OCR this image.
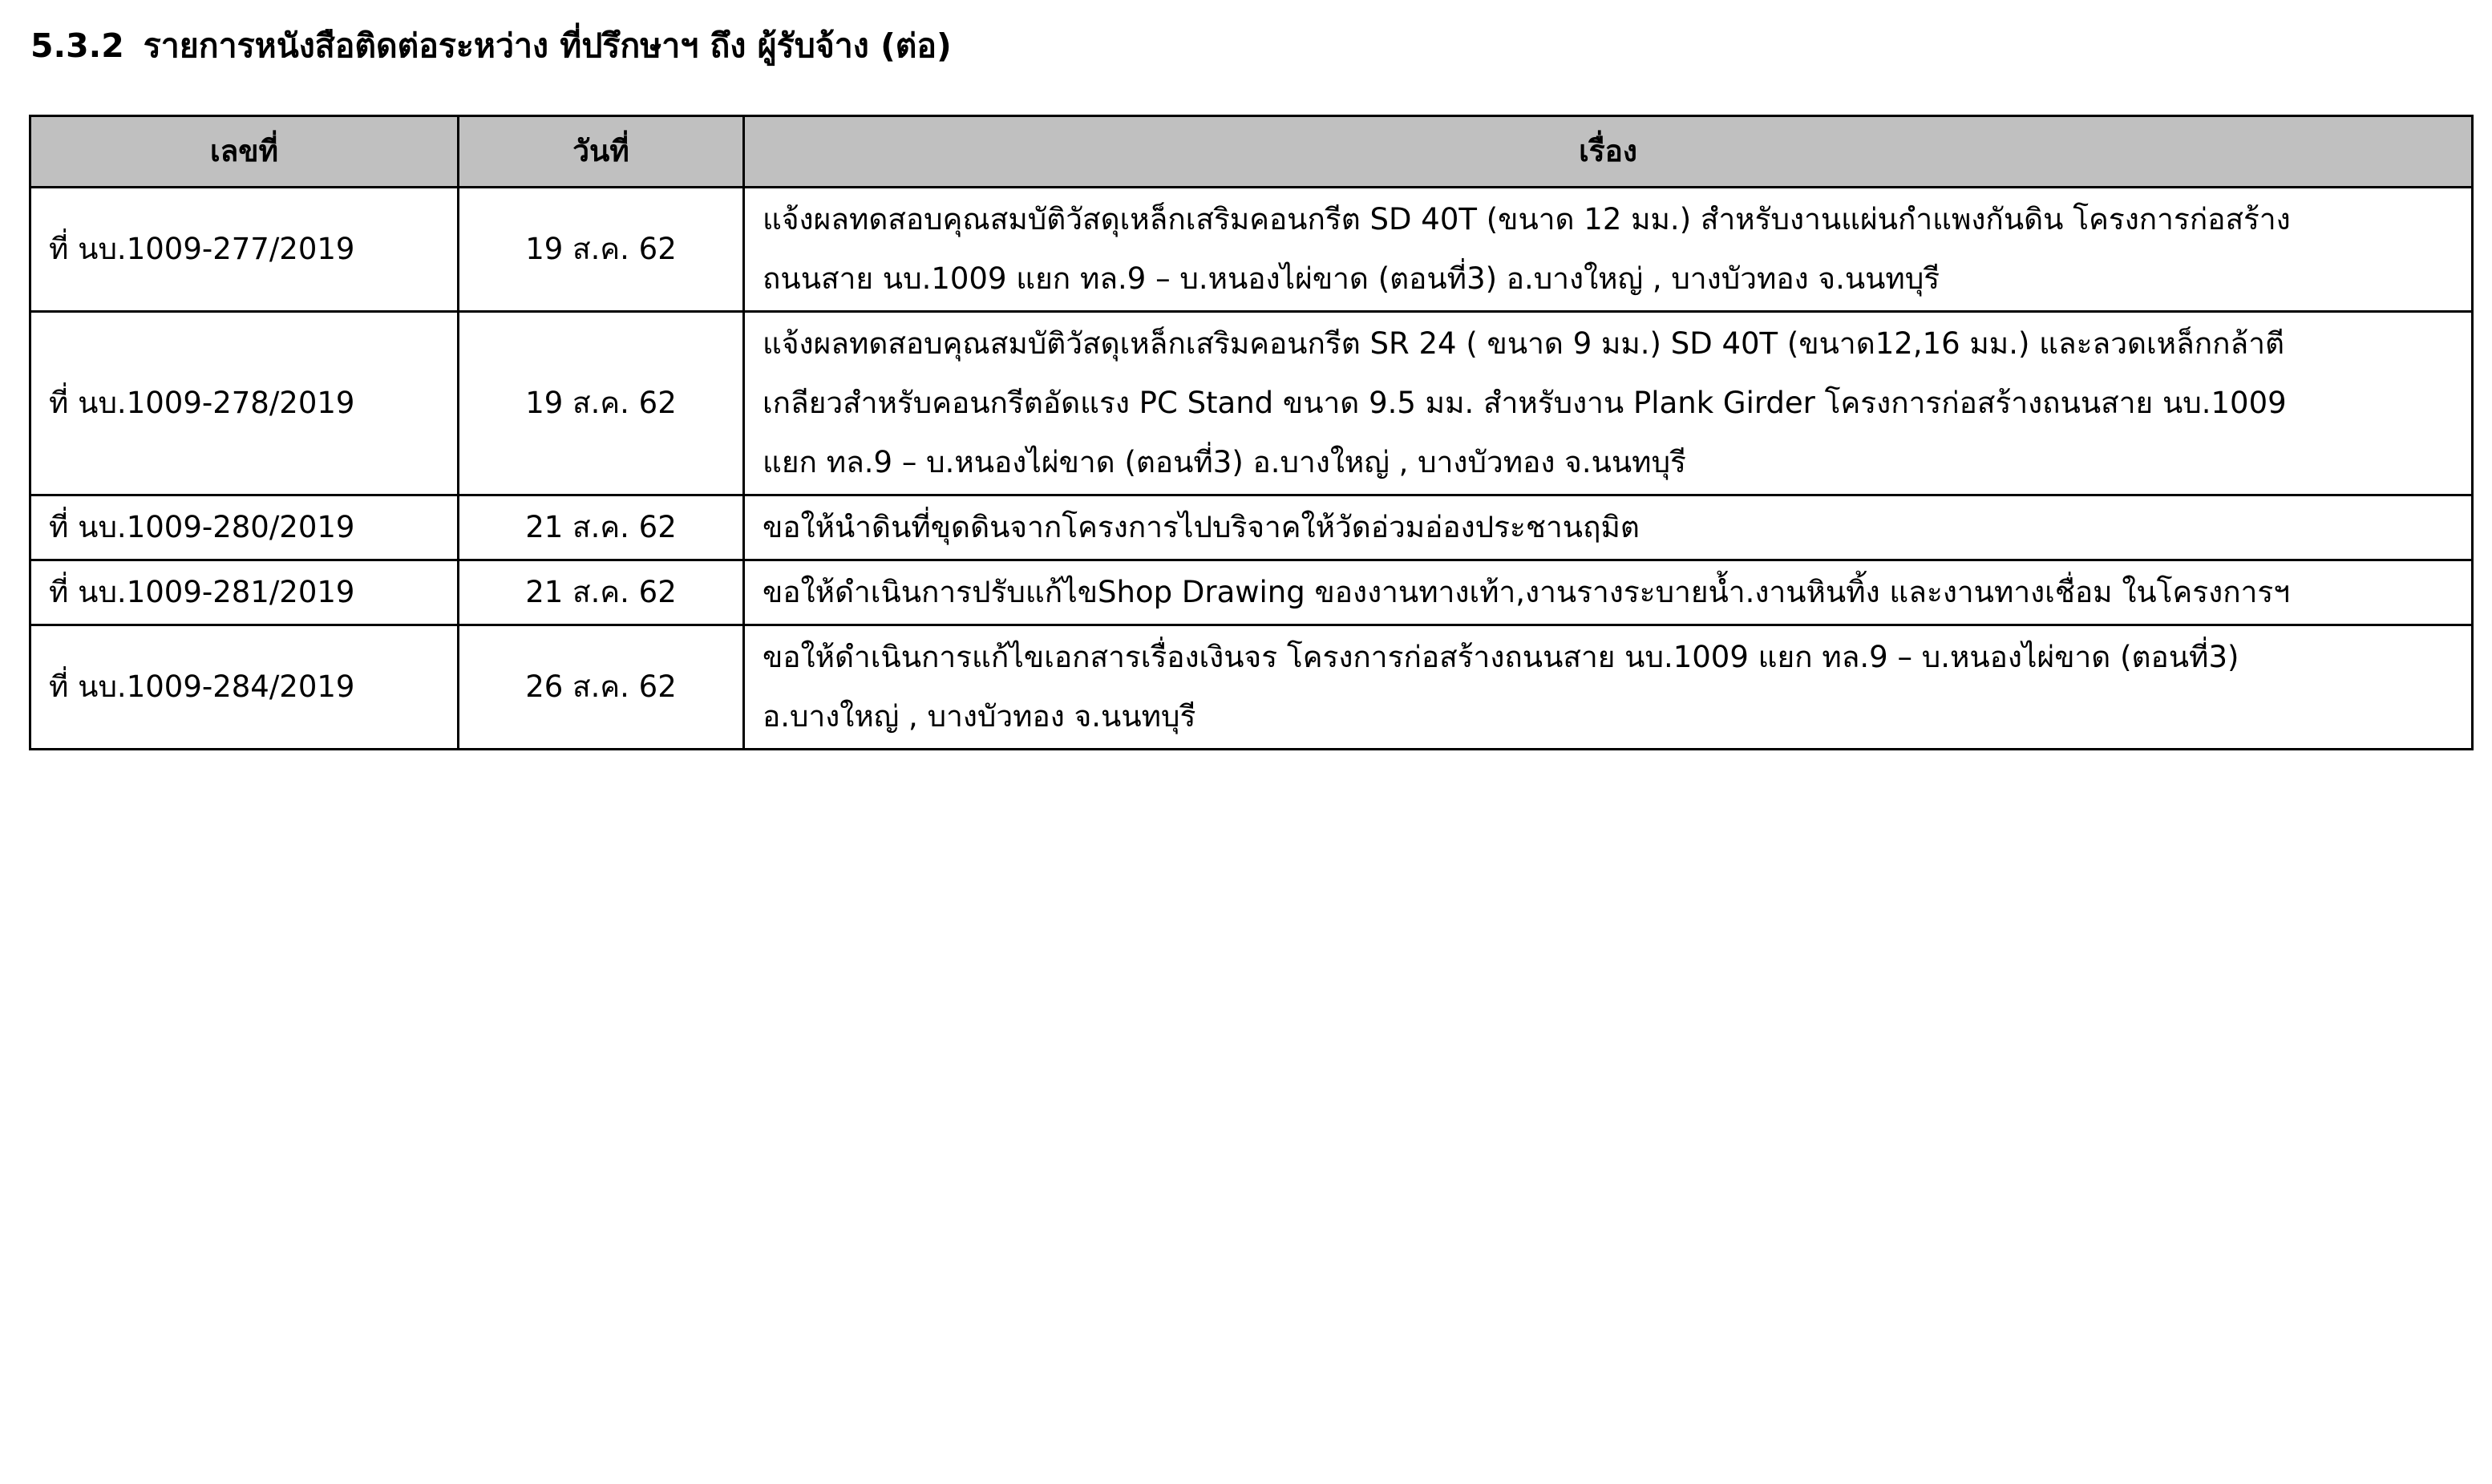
5.3.2 รายการหนังสือติดต่อระหว่าง ที่ปรึกษาฯ ถึง ผู้รับจ้าง (ต่อ)
เลขที่	วันที่	เรื่อง
ที่ นบ.1009-277/2019	19 ส.ค. 62	แจ้งผลทดสอบคุณสมบัติวัสดุเหล็กเสริมคอนกรีต SD 40T (ขนาด 12 มม.) สำหรับงานแผ่นกำแพงกันดิน โครงการก่อสร้าง
ถนนสาย นบ.1009 แยก ทล.9 – บ.หนองไผ่ขาด (ตอนที่3) อ.บางใหญ่ , บางบัวทอง จ.นนทบุรี

ที่ นบ.1009-278/2019	19 ส.ค. 62	แจ้งผลทดสอบคุณสมบัติวัสดุเหล็กเสริมคอนกรีต SR 24 ( ขนาด 9 มม.) SD 40T (ขนาด12,16 มม.) และลวดเหล็กกล้าตี
เกลียวสำหรับคอนกรีตอัดแรง PC Stand ขนาด 9.5 มม. สำหรับงาน Plank Girder โครงการก่อสร้างถนนสาย นบ.1009
แยก ทล.9 – บ.หนองไผ่ขาด (ตอนที่3) อ.บางใหญ่ , บางบัวทอง จ.นนทบุรี

ที่ นบ.1009-280/2019	21 ส.ค. 62	ขอให้นำดินที่ขุดดินจากโครงการไปบริจาคให้วัดอ่วมอ่องประชานฤมิต

ที่ นบ.1009-281/2019	21 ส.ค. 62	ขอให้ดำเนินการปรับแก้ไขShop Drawing ของงานทางเท้า,งานรางระบายน้ำ.งานหินทิ้ง และงานทางเชื่อม ในโครงการฯ

ที่ นบ.1009-284/2019	26 ส.ค. 62	ขอให้ดำเนินการแก้ไขเอกสารเรื่องเงินจร โครงการก่อสร้างถนนสาย นบ.1009 แยก ทล.9 – บ.หนองไผ่ขาด (ตอนที่3)
อ.บางใหญ่ , บางบัวทอง จ.นนทบุรี
